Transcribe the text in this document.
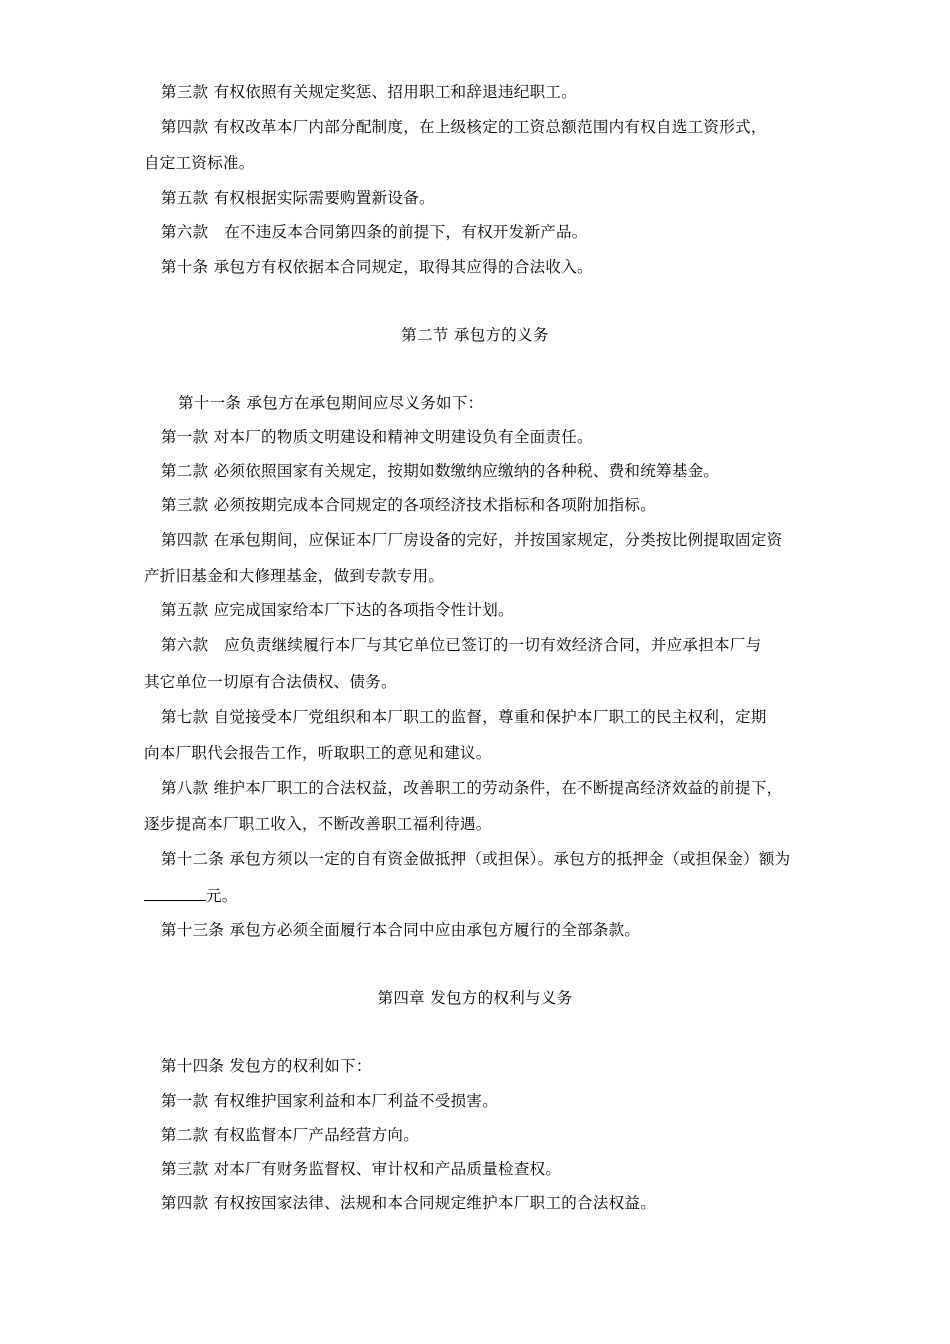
第三款 有权依照有关规定奖惩、招用职工和辞退违纪职工。
第四款 有权改革本厂内部分配制度，在上级核定的工资总额范围内有权自选工资形式，
自定工资标准。
第五款 有权根据实际需要购置新设备。
第六款　在不违反本合同第四条的前提下，有权开发新产品。
第十条 承包方有权依据本合同规定，取得其应得的合法收入。
第二节 承包方的义务
第十一条 承包方在承包期间应尽义务如下：
第一款 对本厂的物质文明建设和精神文明建设负有全面责任。
第二款 必须依照国家有关规定，按期如数缴纳应缴纳的各种税、费和统筹基金。
第三款 必须按期完成本合同规定的各项经济技术指标和各项附加指标。
第四款 在承包期间，应保证本厂厂房设备的完好，并按国家规定，分类按比例提取固定资
产折旧基金和大修理基金，做到专款专用。
第五款 应完成国家给本厂下达的各项指令性计划。
第六款　应负责继续履行本厂与其它单位已签订的一切有效经济合同，并应承担本厂与
其它单位一切原有合法债权、债务。
第七款 自觉接受本厂党组织和本厂职工的监督，尊重和保护本厂职工的民主权利，定期
向本厂职代会报告工作，听取职工的意见和建议。
第八款 维护本厂职工的合法权益，改善职工的劳动条件，在不断提高经济效益的前提下，
逐步提高本厂职工收入，不断改善职工福利待遇。
第十二条 承包方须以一定的自有资金做抵押（或担保）。承包方的抵押金（或担保金）额为
元。
第十三条 承包方必须全面履行本合同中应由承包方履行的全部条款。
第四章 发包方的权利与义务
第十四条 发包方的权利如下：
第一款 有权维护国家利益和本厂利益不受损害。
第二款 有权监督本厂产品经营方向。
第三款 对本厂有财务监督权、审计权和产品质量检查权。
第四款 有权按国家法律、法规和本合同规定维护本厂职工的合法权益。
